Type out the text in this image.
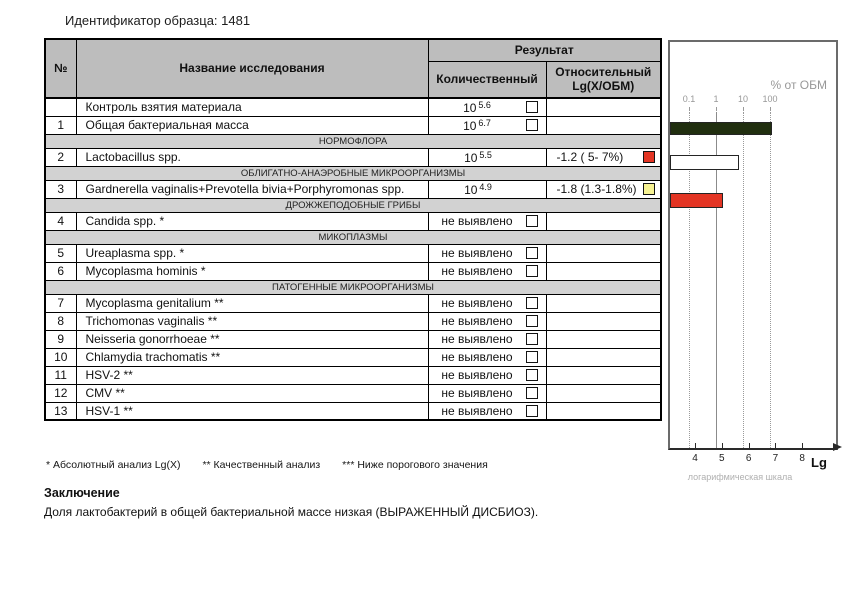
Идентификатор образца: 1481
№	Название исследования	Результат	
		Количественный	Относительный Lg(X/ОБМ)
	Контроль взятия материала	10 $^{5.6}$

1	Общая бактериальная масса	10 $^{6.7}$

НОРМОФЛОРА			
2	Lactobacillus spp.	10 $^{5.5}$	-1.2 ( 5- 7%)

ОБЛИГАТНО-АНАЭРОБНЫЕ МИКРООРГАНИЗМЫ			
3	Gardnerella vaginalis+Prevotella bivia+Porphyromonas spp.	10 $^{4.9}$	-1.8 (1.3-1.8%)

ДРОЖЖЕПОДОБНЫЕ ГРИБЫ			
4	Candida spp. *	не выявлено	

МИКОПЛАЗМЫ			
5	Ureaplasma spp. *	не выявлено	

6	Mycoplasma hominis *	не выявлено	

ПАТОГЕННЫЕ МИКРООРГАНИЗМЫ			
7	Mycoplasma genitalium **	не выявлено	

8	Trichomonas vaginalis **	не выявлено	

9	Neisseria gonorrhoeae **	не выявлено	

10	Chlamydia trachomatis **	не выявлено	

11	HSV-2 **	не выявлено	

12	CMV **	не выявлено	

13	HSV-1 **	не выявлено	

* Абсолютный анализ Lg(X) ** Качественный анализ *** Ниже порогового значения
Заключение
Доля лактобактерий в общей бактериальной массе низкая (ВЫРАЖЕННЫЙ ДИСБИОЗ).
% от ОБМ
Lg
логарифмическая шкала
0.1 1 10 100
4 5 6 7 8
